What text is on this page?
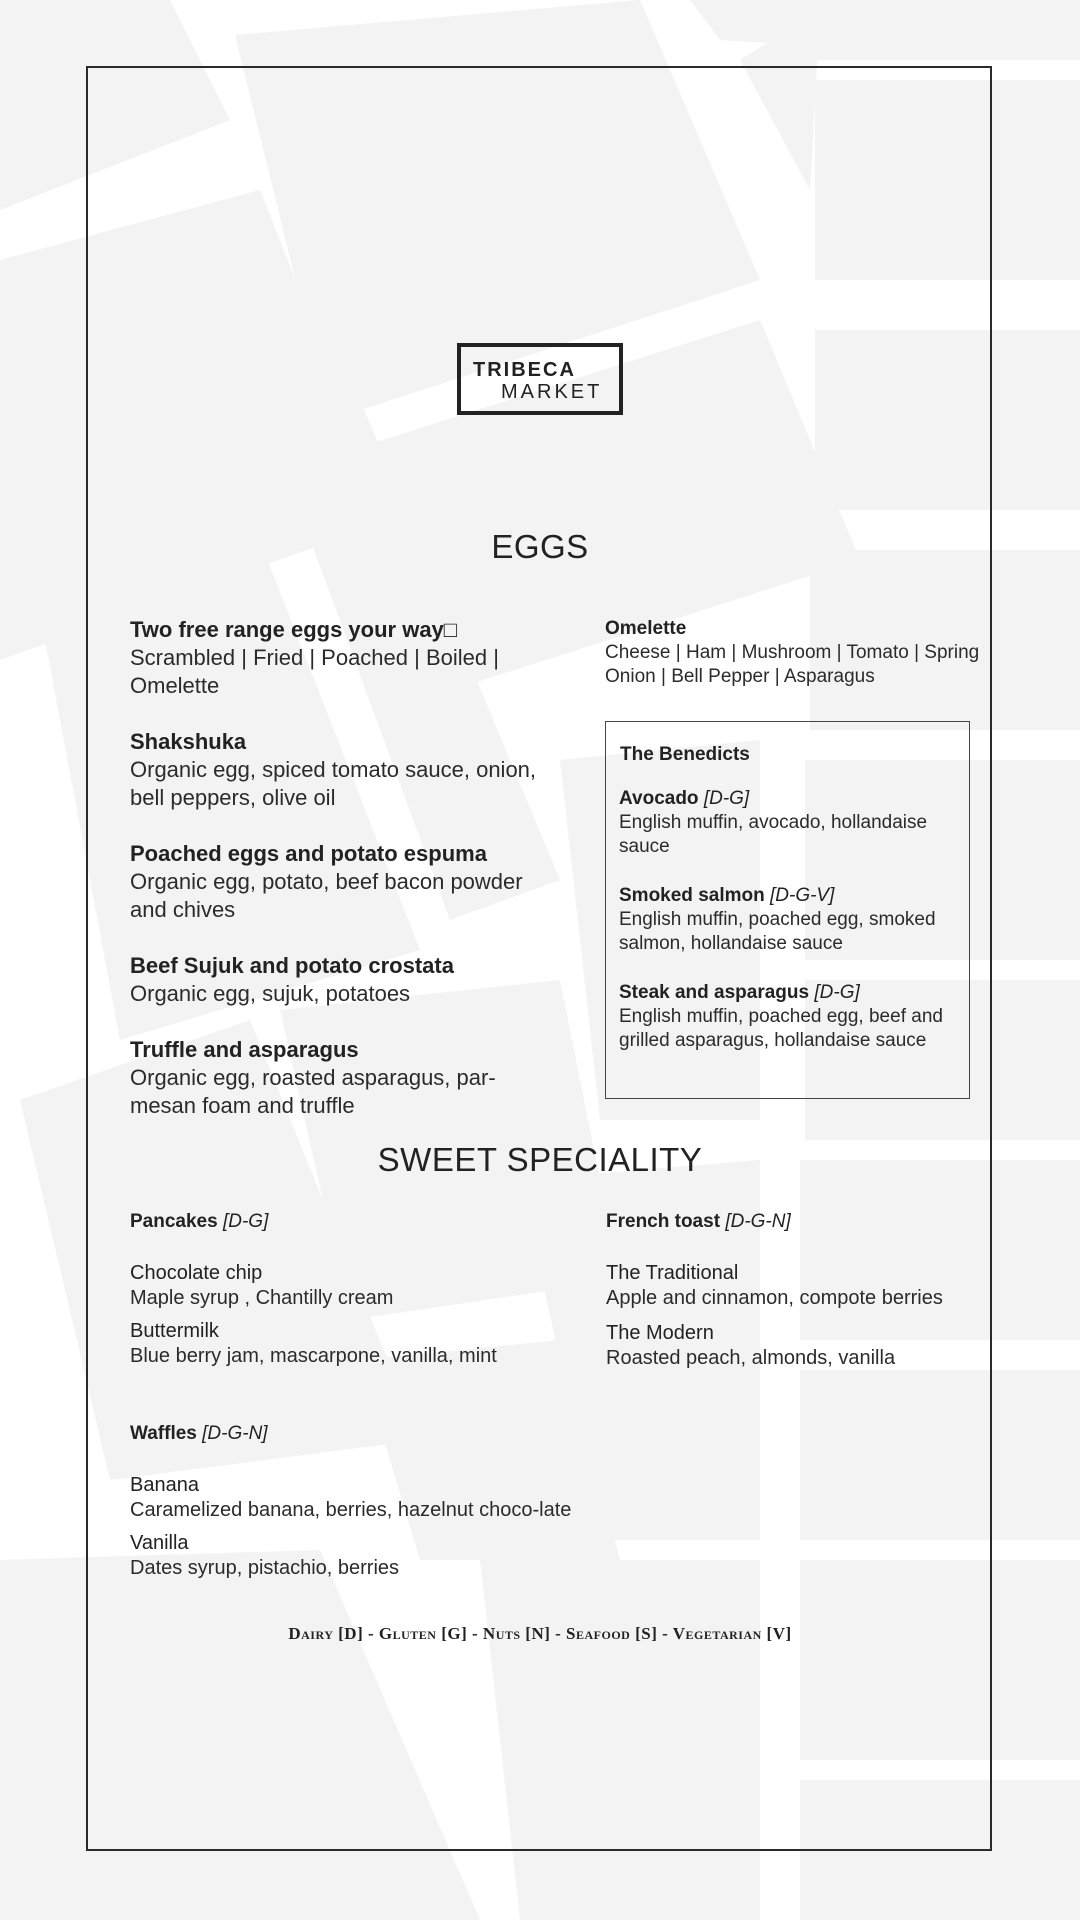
TRIBECA
MARKET
EGGS
Two free range eggs your way□
Scrambled | Fried | Poached | Boiled | Omelette
Shakshuka
Organic egg, spiced tomato sauce, onion, bell peppers, olive oil
Poached eggs and potato espuma
Organic egg, potato, beef bacon powder and chives
Beef Sujuk and potato crostata
Organic egg, sujuk, potatoes
Truffle and asparagus
Organic egg, roasted asparagus, par-mesan foam and truffle
Omelette
Cheese | Ham | Mushroom | Tomato | Spring Onion | Bell Pepper | Asparagus
The Benedicts
Avocado [D-G]
English muffin, avocado, hollandaise sauce
Smoked salmon [D-G-V]
English muffin, poached egg, smoked salmon, hollandaise sauce
Steak and asparagus [D-G]
English muffin, poached egg, beef and grilled asparagus, hollandaise sauce
SWEET SPECIALITY
Pancakes [D-G]
Chocolate chip
Maple syrup , Chantilly cream
Buttermilk
Blue berry jam, mascarpone, vanilla, mint
French toast [D-G-N]
The Traditional
Apple and cinnamon, compote berries
The Modern
Roasted peach, almonds, vanilla
Waffles [D-G-N]
Banana
Caramelized banana, berries, hazelnut choco-late
Vanilla
Dates syrup, pistachio, berries
Dairy [D] - Gluten [G] - Nuts [N] - Seafood [S] - Vegetarian [V]
